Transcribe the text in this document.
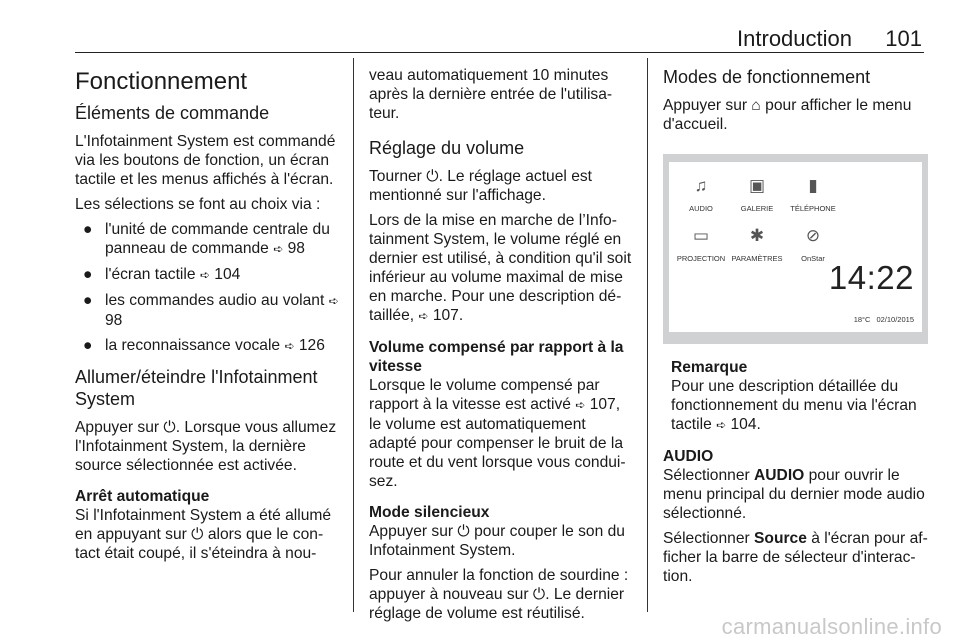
Introduction 101
Fonctionnement
Éléments de commande

L'Infotainment System est commandé via les boutons de fonction, un écran tactile et les menus affichés à l'écran.

Les sélections se font au choix via :

● l'unité de commande centrale du panneau de commande ➪ 98
● l'écran tactile ➪ 104
● les commandes audio au volant ➪ 98
● la reconnaissance vocale ➪ 126
Allumer/éteindre l'Infotainment System

Appuyer sur ⏻. Lorsque vous allumez l'Infotainment System, la dernière source sélectionnée est activée.

Arrêt automatique

Si l'Infotainment System a été allumé en appuyant sur ⏻ alors que le contact était coupé, il s'éteindra à nou-

veau automatiquement 10 minutes après la dernière entrée de l'utilisateur.

Réglage du volume

Tourner ⏻. Le réglage actuel est mentionné sur l'affichage.

Lors de la mise en marche de l’Infotainment System, le volume réglé en dernier est utilisé, à condition qu'il soit inférieur au volume maximal de mise en marche. Pour une description détaillée, ➪ 107.

Volume compensé par rapport à la vitesse

Lorsque le volume compensé par rapport à la vitesse est activé ➪ 107, le volume est automatiquement adapté pour compenser le bruit de la route et du vent lorsque vous conduisez.

Mode silencieux

Appuyer sur ⏻ pour couper le son du Infotainment System.

Pour annuler la fonction de sourdine : appuyer à nouveau sur ⏻. Le dernier réglage de volume est réutilisé.

Modes de fonctionnement

Appuyer sur ⌂ pour afficher le menu d'accueil.

♫
AUDIO
▣
GALERIE
▮
TÉLÉPHONE
▭
PROJECTION
✱
PARAMÈTRES
⊘
OnStar
14:22
18°C 02/10/2015
Remarque
Pour une description détaillée du fonctionnement du menu via l'écran tactile ➪ 104.
AUDIO

Sélectionner AUDIO pour ouvrir le menu principal du dernier mode audio sélectionné.

Sélectionner Source à l'écran pour afficher la barre de sélecteur d'interaction.

carmanualsonline.info
